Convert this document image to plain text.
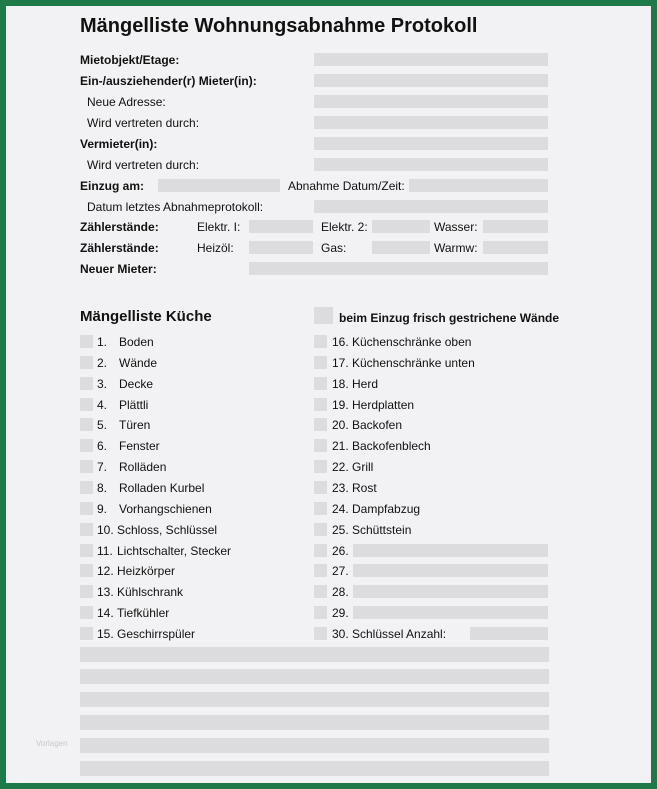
Mängelliste Wohnungsabnahme Protokoll
Mietobjekt/Etage:
Ein-/ausziehender(r) Mieter(in):
Neue Adresse:
Wird vertreten durch:
Vermieter(in):
Wird vertreten durch:
Einzug am:	Abnahme Datum/Zeit:
Datum letztes Abnahmeprotokoll:
Zählerstände:	Elektr. I:	Elektr. 2:	Wasser:
Zählerstände:	Heizöl:	Gas:	Warmw:
Neuer Mieter:
Mängelliste Küche	beim Einzug frisch gestrichene Wände
Vorlagen
1. Boden
2. Wände
3. Decke
4. Plättli
5. Türen
6. Fenster
7. Rolläden
8. Rolladen Kurbel
9. Vorhangschienen
10. Schloss, Schlüssel
11. Lichtschalter, Stecker
12. Heizkörper
13. Kühlschrank
14. Tiefkühler
15. Geschirrspüler
16. Küchenschränke oben
17. Küchenschränke unten
18. Herd
19. Herdplatten
20. Backofen
21. Backofenblech
22. Grill
23. Rost
24. Dampfabzug
25. Schüttstein
26.
27.
28.
29.
30. Schlüssel Anzahl:
